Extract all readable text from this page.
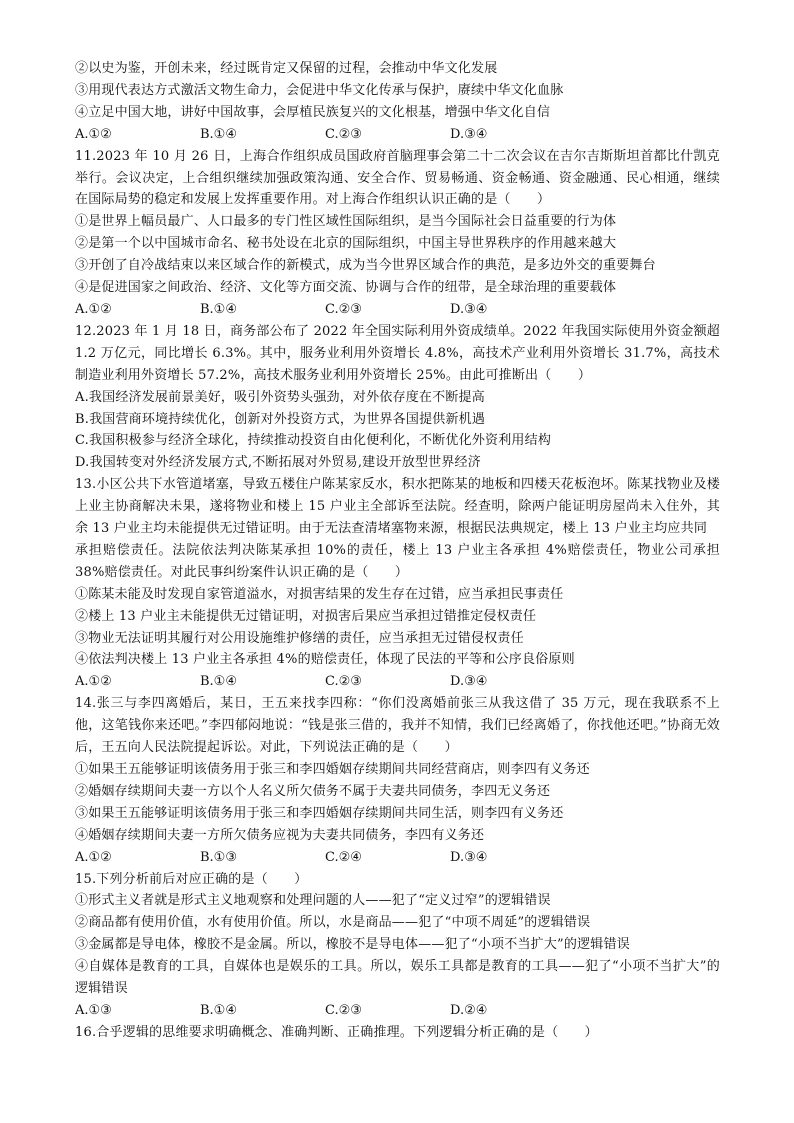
②以史为鉴，开创未来，经过既肯定又保留的过程，会推动中华文化发展
③用现代表达方式激活文物生命力，会促进中华文化传承与保护，赓续中华文化血脉
④立足中国大地，讲好中国故事，会厚植民族复兴的文化根基，增强中华文化自信
A.①②	B.①④	C.②③	D.③④
11.2023 年 10 月 26 日，上海合作组织成员国政府首脑理事会第二十二次会议在吉尔吉斯斯坦首都比什凯克举行。会议决定，上合组织继续加强政策沟通、安全合作、贸易畅通、资金畅通、资金融通、民心相通，继续在国际局势的稳定和发展上发挥重要作用。对上海合作组织认识正确的是（　　）
①是世界上幅员最广、人口最多的专门性区域性国际组织，是当今国际社会日益重要的行为体
②是第一个以中国城市命名、秘书处设在北京的国际组织，中国主导世界秩序的作用越来越大
③开创了自冷战结束以来区域合作的新模式，成为当今世界区域合作的典范，是多边外交的重要舞台
④是促进国家之间政治、经济、文化等方面交流、协调与合作的纽带，是全球治理的重要载体
A.①②	B.①④	C.②③	D.③④
12.2023 年 1 月 18 日，商务部公布了 2022 年全国实际利用外资成绩单。2022 年我国实际使用外资金额超 1.2 万亿元，同比增长 6.3%。其中，服务业利用外资增长 4.8%，高技术产业利用外资增长 31.7%，高技术制造业利用外资增长 57.2%，高技术服务业利用外资增长 25%。由此可推断出（　　）
A.我国经济发展前景美好，吸引外资势头强劲，对外依存度在不断提高
B.我国营商环境持续优化，创新对外投资方式，为世界各国提供新机遇
C.我国积极参与经济全球化，持续推动投资自由化便利化，不断优化外资利用结构
D.我国转变对外经济发展方式,不断拓展对外贸易,建设开放型世界经济
13.小区公共下水管道堵塞，导致五楼住户陈某家反水，积水把陈某的地板和四楼天花板泡坏。陈某找物业及楼上业主协商解决未果，遂将物业和楼上 15 户业主全部诉至法院。经查明，除两户能证明房屋尚未入住外，其余 13 户业主均未能提供无过错证明。由于无法查清堵塞物来源，根据民法典规定，楼上 13 户业主均应共同
承担赔偿责任。法院依法判决陈某承担 10%的责任，楼上 13 户业主各承担 4%赔偿责任，物业公司承担 38%赔偿责任。对此民事纠纷案件认识正确的是（　　）
①陈某未能及时发现自家管道溢水，对损害结果的发生存在过错，应当承担民事责任
②楼上 13 户业主未能提供无过错证明，对损害后果应当承担过错推定侵权责任
③物业无法证明其履行对公用设施维护修缮的责任，应当承担无过错侵权责任
④依法判决楼上 13 户业主各承担 4%的赔偿责任，体现了民法的平等和公序良俗原则
A.①②	B.①④	C.②③	D.③④
14.张三与李四离婚后，某日，王五来找李四称：“你们没离婚前张三从我这借了 35 万元，现在我联系不上他，这笔钱你来还吧。”李四郁闷地说：“钱是张三借的，我并不知情，我们已经离婚了，你找他还吧。”协商无效后，王五向人民法院提起诉讼。对此，下列说法正确的是（　　）
①如果王五能够证明该债务用于张三和李四婚姻存续期间共同经营商店，则李四有义务还
②婚姻存续期间夫妻一方以个人名义所欠债务不属于夫妻共同债务，李四无义务还
③如果王五能够证明该债务用于张三和李四婚姻存续期间共同生活，则李四有义务还
④婚姻存续期间夫妻一方所欠债务应视为夫妻共同债务，李四有义务还
A.①②	B.①③	C.②④	D.③④
15.下列分析前后对应正确的是（　　）
①形式主义者就是形式主义地观察和处理问题的人——犯了“定义过窄”的逻辑错误
②商品都有使用价值，水有使用价值。所以，水是商品——犯了“中项不周延”的逻辑错误
③金属都是导电体，橡胶不是金属。所以，橡胶不是导电体——犯了“小项不当扩大”的逻辑错误
④自媒体是教育的工具，自媒体也是娱乐的工具。所以，娱乐工具都是教育的工具——犯了“小项不当扩大”的逻辑错误
A.①③	B.①④	C.②③	D.②④
16.合乎逻辑的思维要求明确概念、准确判断、正确推理。下列逻辑分析正确的是（　　）
